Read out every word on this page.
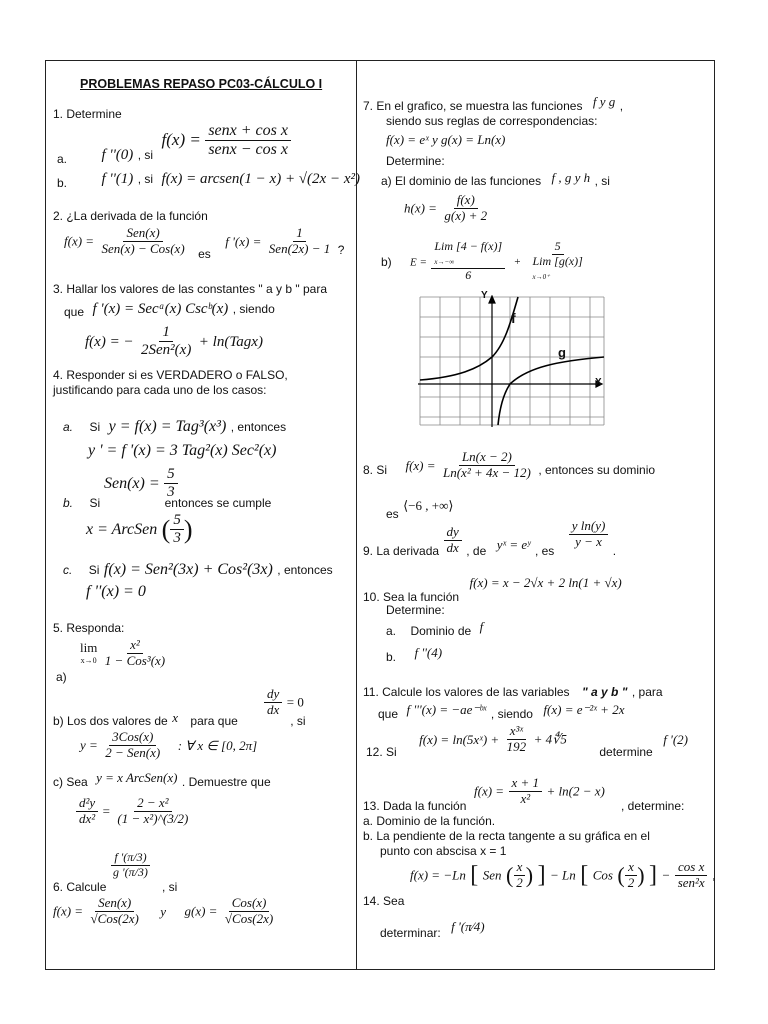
PROBLEMAS REPASO PC03-CÁLCULO I
1. Determine
$_{a.}$ f ''(0) $_{, si}$ $f(x) = \frac{\text{senx + cos x}}{\text{senx − cos x}}$
$_{b.}$ f ''(1) , si f(x) = arcsen(1 − x) + √(2x − x²)
2. ¿La derivada de la función
$f(x) = \frac{\text{Sen(x)}}{\text{Sen(x) − Cos(x)}} _{es}$ f '$(x) = \frac{1}{\text{Sen(2x) − 1}} _?$
3. Hallar los valores de las constantes " a y b " para
que f '(x) = Secᵃ(x) Cscᵇ(x) , siendo
f(x) = − $\frac{1}{\text{2Sen²(x)}}$ + ln(Tagx)
4. Responder si es VERDADERO o FALSO,
justificando para cada uno de los casos:
a. Si y = f(x) = Tag³(x³) , entonces
y ' = f '(x) = 3 Tag²(x) Sec²(x)
$Sen(x) = \frac{5}{3}$
b. Si	entonces se cumple
x = ArcSen ( $\frac{5}{3}$ )
c. Si f(x) = Sen²(3x) + Cos²(3x) , entonces
f ''(x) = 0
5. Responda:
lim
x→0
$\frac{\text{x²}}{\text{1 − Cos³(x)}}$
a)
$\frac{dy}{dx} = 0$
b) Los dos valores de x para que	, si
$y = \frac{\text{3Cos(x)}}{\text{2 − Sen(x)}}$ : ∀ x ∈ [0, 2π]
c) Sea $^{y = x ArcSen(x)}$ . Demuestre que
$\frac{\text{d²y}}{\text{dx²}} = \frac{\text{2 − x²}}{\text{(1 − x²)\textasciicircum{}(3/2)}}$
$\frac{f '(\pi/3)}{g '(\pi/3)}$
6. Calcule	, si
$f(x) = \frac{\text{Sen(x)}}{\text{√Cos(2x)}}$ y $g(x) = \frac{\text{Cos(x)}}{\text{√Cos(2x)}}$
7. En el grafico, se muestra las funciones $^{f y g}$ ,
siendo sus reglas de correspondencias:
f(x) = eˣ y g(x) = Ln(x)
Determine:
a) El dominio de las funciones f , g y h , si
$h(x) = \frac{f(x)}{g(x) + 2}$
b) E =
Lim [4 − f(x)]
x→−∞
6
+
5
Lim [g(x)]
x→0⁺
Y
X
f
g
$_{8. Si}$ $f(x) = \frac{Ln(x - 2)}{\text{Ln(x² + 4x − 12)}} _{, entonces su dominio}$
$_{es}$ ⟨−6 , +∞⟩
$_{9. La derivada} \frac{dy}{dx} _{, de}$ $_{yˣ = eʸ}$ $_{, es}$
$\frac{\text{y ln(y)}}{y - x}$
$_.$
$_{10. Sea la función}$ f(x) = x − 2√x + 2 ln(1 + √x)
Determine:
a. Dominio de $^f$
$_{b.}$ f ''(4)
11. Calcule los valores de las variables " a y b " , para
$_{que}$ f '''(x) = −ae⁻ᵇˣ $_{, siendo}$ f(x) = e⁻²ˣ + 2x
$_{12. Si}$ f(x) = ln(5xˣ) + $\frac{\text{x³ˣ}}{192}$ + 4∜5 $_{determine}$ f '(2)
$f(x) = \frac{x + 1}{\text{x²}} + \ln(2 - x)$
13. Dada la función	, determine:
a. Dominio de la función.
b. La pendiente de la recta tangente a su gráfica en el
punto con abscisa x = 1
f(x) = −Ln [ Sen ( $\frac{x}{2}$ ) ] − Ln [ Cos ( $\frac{x}{2}$ ) ] − $\frac{\text{cos x}}{\text{sen²x}}$ ,
14. Sea
$_{determinar:}$ f '(π⁄4)
